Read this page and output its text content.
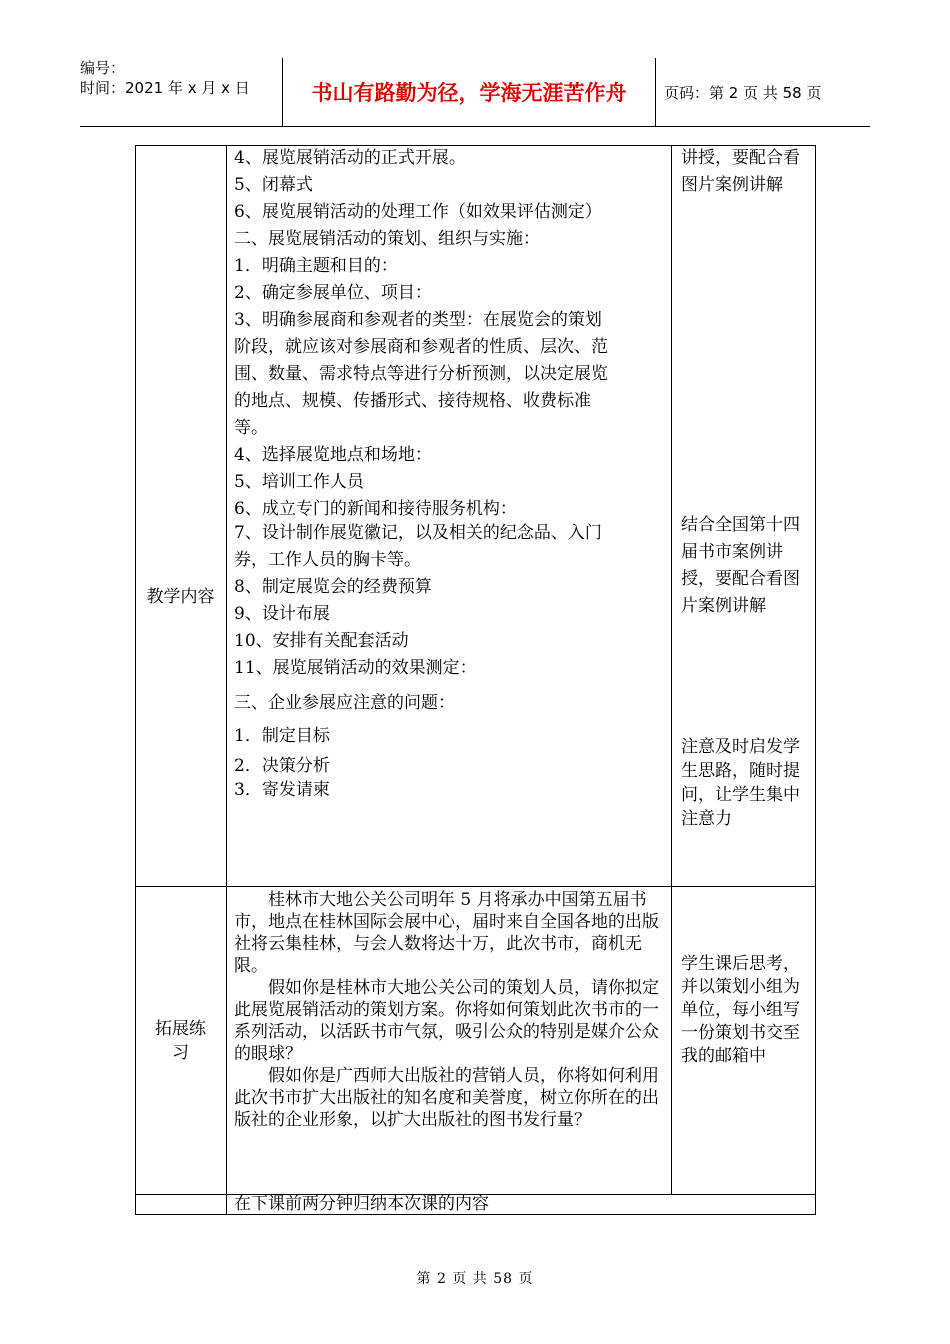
编号：
时间：2021 年 x 月 x 日	书山有路勤为径，学海无涯苦作舟	页码：第 2 页 共 58 页
教学内容
4、展览展销活动的正式开展。
5、闭幕式
6、展览展销活动的处理工作（如效果评估测定）
二、展览展销活动的策划、组织与实施：
1．明确主题和目的：
2、确定参展单位、项目：
3、明确参展商和参观者的类型：在展览会的策划
阶段，就应该对参展商和参观者的性质、层次、范
围、数量、需求特点等进行分析预测，以决定展览
的地点、规模、传播形式、接待规格、收费标准
等。
4、选择展览地点和场地：
5、培训工作人员
6、成立专门的新闻和接待服务机构：
7、设计制作展览徽记，以及相关的纪念品、入门
券，工作人员的胸卡等。
8、制定展览会的经费预算
9、设计布展
10、安排有关配套活动
11、展览展销活动的效果测定：
三、企业参展应注意的问题：
1．制定目标
2．决策分析
3．寄发请柬
讲授，要配合看图片案例讲解
结合全国第十四届书市案例讲授，要配合看图片案例讲解
注意及时启发学生思路，随时提问，让学生集中注意力
拓展练习
桂林市大地公关公司明年 5 月将承办中国第五届书市，地点在桂林国际会展中心，届时来自全国各地的出版社将云集桂林，与会人数将达十万，此次书市，商机无限。
假如你是桂林市大地公关公司的策划人员，请你拟定此展览展销活动的策划方案。你将如何策划此次书市的一系列活动，以活跃书市气氛，吸引公众的特别是媒介公众的眼球？
假如你是广西师大出版社的营销人员，你将如何利用此次书市扩大出版社的知名度和美誉度，树立你所在的出版社的企业形象，以扩大出版社的图书发行量？
学生课后思考，并以策划小组为单位，每小组写一份策划书交至我的邮箱中
在下课前两分钟归纳本次课的内容
第 2 页 共 58 页
